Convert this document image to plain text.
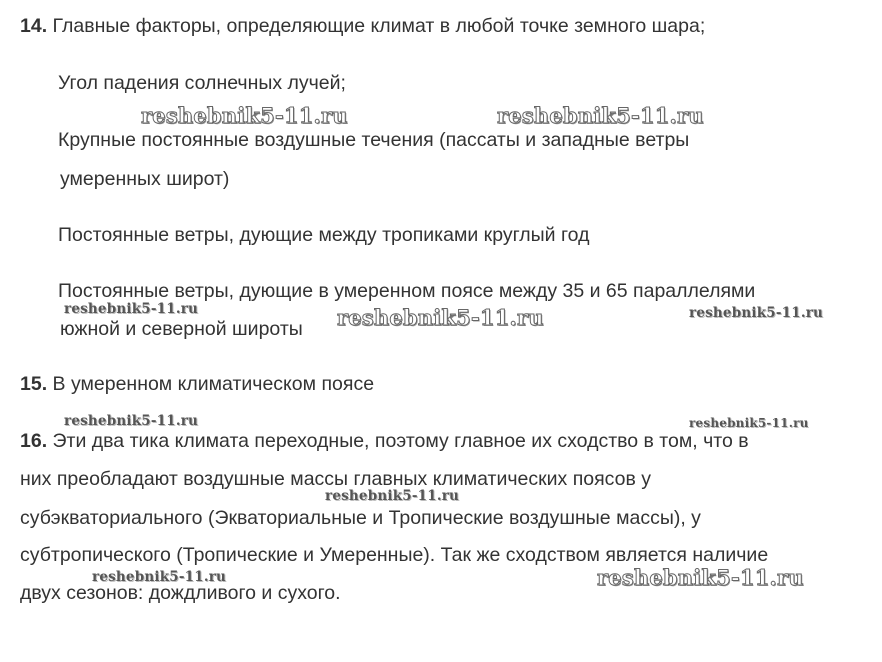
14. Главные факторы, определяющие климат в любой точке земного шара;
Угол падения солнечных лучей;
Крупные постоянные воздушные течения (пассаты и западные ветры
умеренных широт)
Постоянные ветры, дующие между тропиками круглый год
Постоянные ветры, дующие в умеренном поясе между 35 и 65 параллелями
южной и северной широты
15. В умеренном климатическом поясе
16. Эти два тика климата переходные, поэтому главное их сходство в том, что в
них преобладают воздушные массы главных климатических поясов у
субэкваториального (Экваториальные и Тропические воздушные массы), у
субтропического (Тропические и Умеренные). Так же сходством является наличие
двух сезонов: дождливого и сухого.
reshebnik5-11.ru	reshebnik5-11.ru
reshebnik5-11.ru	reshebnik5-11.ru	reshebnik5-11.ru
reshebnik5-11.ru	reshebnik5-11.ru
reshebnik5-11.ru
reshebnik5-11.ru	reshebnik5-11.ru
